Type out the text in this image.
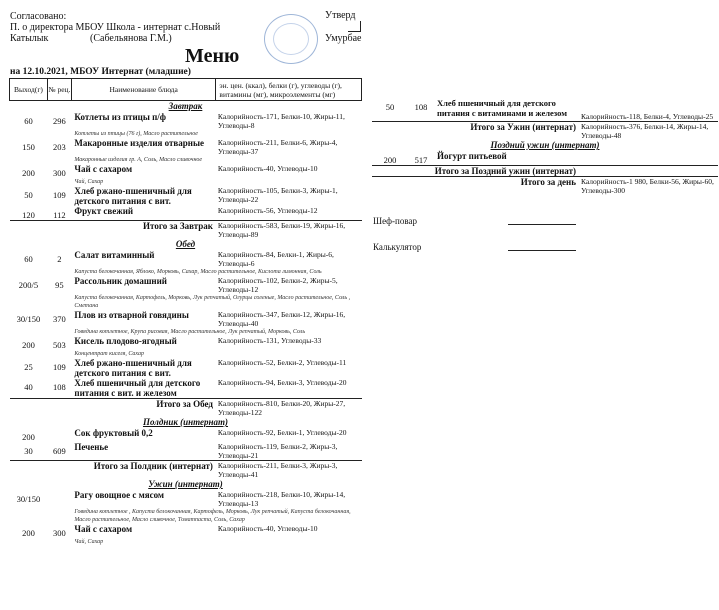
Согласовано:
П. о директора МБОУ Школа - интернат с.Новый
Катылык	(Сабельянова Г.М.)
Утверд
Умурбае
Меню
на 12.10.2021, МБОУ Интернат (младшие)
Выход(г)	№ рец.	Наименование блюда	эн. цен. (ккал), белки (г), углеводы (г), витамины (мг), микроэлементы (мг)
Завтрак			
60	296	Котлеты из птицы п/ф	Калорийность-171, Белки-10, Жиры-11, Углеводы-8
		Котлеты из птицы (76 г), Масло растительное	
150	203	Макаронные изделия отварные	Калорийность-211, Белки-6, Жиры-4, Углеводы-37
		Макаронные изделия гр. А, Соль, Масло сливочное	
200	300	Чай с сахаром	Калорийность-40, Углеводы-10
		Чай, Сахар	
50	109	Хлеб ржано-пшеничный для детского питания с вит.	Калорийность-105, Белки-3, Жиры-1, Углеводы-22
120	112	Фрукт свежий	Калорийность-56, Углеводы-12
Итого за Завтрак			Калорийность-583, Белки-19, Жиры-16, Углеводы-89
Обед			
60	2	Салат витаминный	Калорийность-84, Белки-1, Жиры-6, Углеводы-6
		Капуста белокочанная, Яблоко, Морковь, Сахар, Масло растительное, Кислота лимонная, Соль	
200/5	95	Рассольник домашний	Калорийность-102, Белки-2, Жиры-5, Углеводы-12
		Капуста белокочанная, Картофель, Морковь, Лук репчатый, Огурцы соленые, Масло растительное, Соль , Сметана	
30/150	370	Плов из отварной говядины	Калорийность-347, Белки-12, Жиры-16, Углеводы-40
		Говядина котлетное, Крупа рисовая, Масло растительное, Лук репчатый, Морковь, Соль	
200	503	Кисель плодово-ягодный	Калорийность-131, Углеводы-33
		Концентрат киселя, Сахар	
25	109	Хлеб ржано-пшеничный для детского питания с вит.	Калорийность-52, Белки-2, Углеводы-11
40	108	Хлеб пшеничный для детского питания с вит. и железом	Калорийность-94, Белки-3, Углеводы-20
Итого за Обед			Калорийность-810, Белки-20, Жиры-27, Углеводы-122
Полдник (интернат)			
200		Сок фруктовый 0,2	Калорийность-92, Белки-1, Углеводы-20
30	609	Печенье	Калорийность-119, Белки-2, Жиры-3, Углеводы-21
Итого за Полдник (интернат)			Калорийность-211, Белки-3, Жиры-3, Углеводы-41
Ужин (интернат)			
30/150		Рагу овощное с мясом	Калорийность-218, Белки-10, Жиры-14, Углеводы-13
		Говядина котлетное , Капуста белокочанная, Картофель, Морковь, Лук репчатый, Капуста белокочанная, Масло растительное, Масло сливочное, Томатпаста, Соль, Сахар	
200	300	Чай с сахаром	Калорийность-40, Углеводы-10
		Чай, Сахар	
50	108	Хлеб пшеничный для детского питания с витаминами и железом	Калорийность-118, Белки-4, Углеводы-25
Итого за Ужин (интернат)			Калорийность-376, Белки-14, Жиры-14, Углеводы-48
Поздний ужин (интернат)			
200	517	Йогурт питьевой	
Итого за Поздний ужин (интернат)			
Итого за день			Калорийность-1 980, Белки-56, Жиры-60, Углеводы-300
Шеф-повар
Калькулятор
